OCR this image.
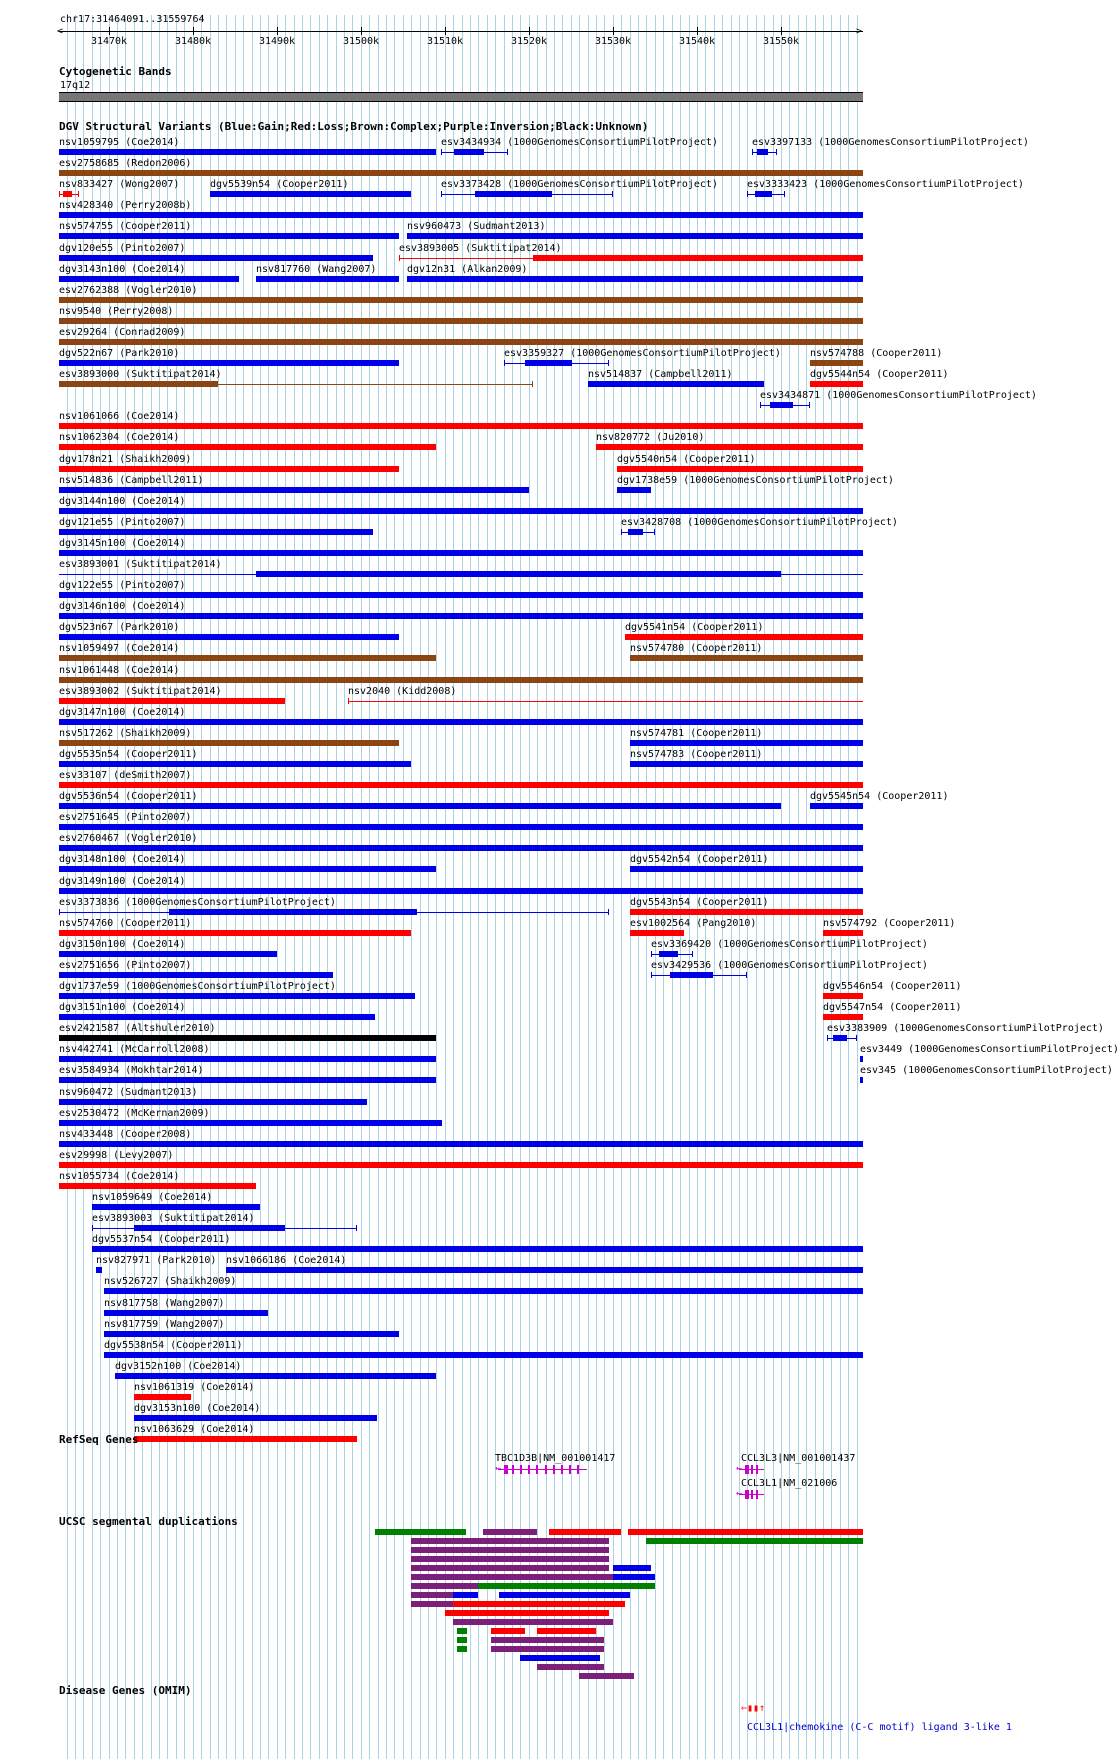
chr17:31464091..31559764
<	>
31470k	31480k	31490k	31500k	31510k	31520k	31530k	31540k	31550k
Cytogenetic Bands
17q12
DGV Structural Variants (Blue:Gain;Red:Loss;Brown:Complex;Purple:Inversion;Black:Unknown)
nsv1059795 (Coe2014)	esv3434934 (1000GenomesConsortiumPilotProject)	esv3397133 (1000GenomesConsortiumPilotProject)
esv2758685 (Redon2006)
nsv833427 (Wong2007)	dgv5539n54 (Cooper2011)	esv3373428 (1000GenomesConsortiumPilotProject)	esv3333423 (1000GenomesConsortiumPilotProject)
nsv428340 (Perry2008b)
nsv574755 (Cooper2011)	nsv960473 (Sudmant2013)
dgv120e55 (Pinto2007)	esv3893005 (Suktitipat2014)
dgv3143n100 (Coe2014)	nsv817760 (Wang2007)	dgv12n31 (Alkan2009)
esv2762388 (Vogler2010)
nsv9540 (Perry2008)
esv29264 (Conrad2009)
dgv522n67 (Park2010)	esv3359327 (1000GenomesConsortiumPilotProject)	nsv574788 (Cooper2011)
esv3893000 (Suktitipat2014)	nsv514837 (Campbell2011)
esv3434871 (1000GenomesConsortiumPilotProject)
nsv1061066 (Coe2014)
nsv1062304 (Coe2014)	nsv820772 (Ju2010)
dgv178n21 (Shaikh2009)	dgv5540n54 (Cooper2011)
nsv514836 (Campbell2011)	dgv1738e59 (1000GenomesConsortiumPilotProject)
dgv3144n100 (Coe2014)
dgv121e55 (Pinto2007)	esv3428708 (1000GenomesConsortiumPilotProject)
dgv3145n100 (Coe2014)
esv3893001 (Suktitipat2014)
dgv122e55 (Pinto2007)
dgv3146n100 (Coe2014)
dgv523n67 (Park2010)	dgv5541n54 (Cooper2011)
nsv1059497 (Coe2014)	nsv574780 (Cooper2011)
nsv1061448 (Coe2014)
esv3893002 (Suktitipat2014)	nsv2040 (Kidd2008)
dgv3147n100 (Coe2014)
nsv517262 (Shaikh2009)	nsv574781 (Cooper2011)
dgv5535n54 (Cooper2011)	nsv574783 (Cooper2011)
esv33107 (deSmith2007)
dgv5536n54 (Cooper2011)
dgv5544n54 (Cooper2011)
esv2751645 (Pinto2007)
esv2760467 (Vogler2010)
dgv3148n100 (Coe2014)	dgv5542n54 (Cooper2011)
dgv3149n100 (Coe2014)
esv3373836 (1000GenomesConsortiumPilotProject)	dgv5543n54 (Cooper2011)
nsv574760 (Cooper2011)	esv1002564 (Pang2010)
dgv5545n54 (Cooper2011)
dgv3150n100 (Coe2014)	esv3369420 (1000GenomesConsortiumPilotProject)
esv2751656 (Pinto2007)	esv3429536 (1000GenomesConsortiumPilotProject)
dgv1737e59 (1000GenomesConsortiumPilotProject)
nsv574792 (Cooper2011)
dgv3151n100 (Coe2014)
dgv5546n54 (Cooper2011)
esv2421587 (Altshuler2010)
dgv5547n54 (Cooper2011)
nsv442741 (McCarroll2008)
esv3383909 (1000GenomesConsortiumPilotProject)
esv3584934 (Mokhtar2014)
esv3449 (1000GenomesConsortiumPilotProject)
nsv960472 (Sudmant2013)
esv345 (1000GenomesConsortiumPilotProject)
esv2530472 (McKernan2009)
nsv433448 (Cooper2008)
esv29998 (Levy2007)
nsv1055734 (Coe2014)
nsv1059649 (Coe2014)
esv3893003 (Suktitipat2014)
dgv5537n54 (Cooper2011)
nsv827971 (Park2010) nsv1066186 (Coe2014)
nsv526727 (Shaikh2009)
nsv817758 (Wang2007)
nsv817759 (Wang2007)
dgv5538n54 (Cooper2011)
dgv3152n100 (Coe2014)
nsv1061319 (Coe2014)
dgv3153n100 (Coe2014)
nsv1063629 (Coe2014)
RefSeq Genes
TBC1D3B|NM_001001417
←
CCL3L3|NM_001001437
←
CCL3L1|NM_021006
←
UCSC segmental duplications
Disease Genes (OMIM)
⇐▮▮↑
CCL3L1|chemokine (C-C motif) ligand 3-like 1
